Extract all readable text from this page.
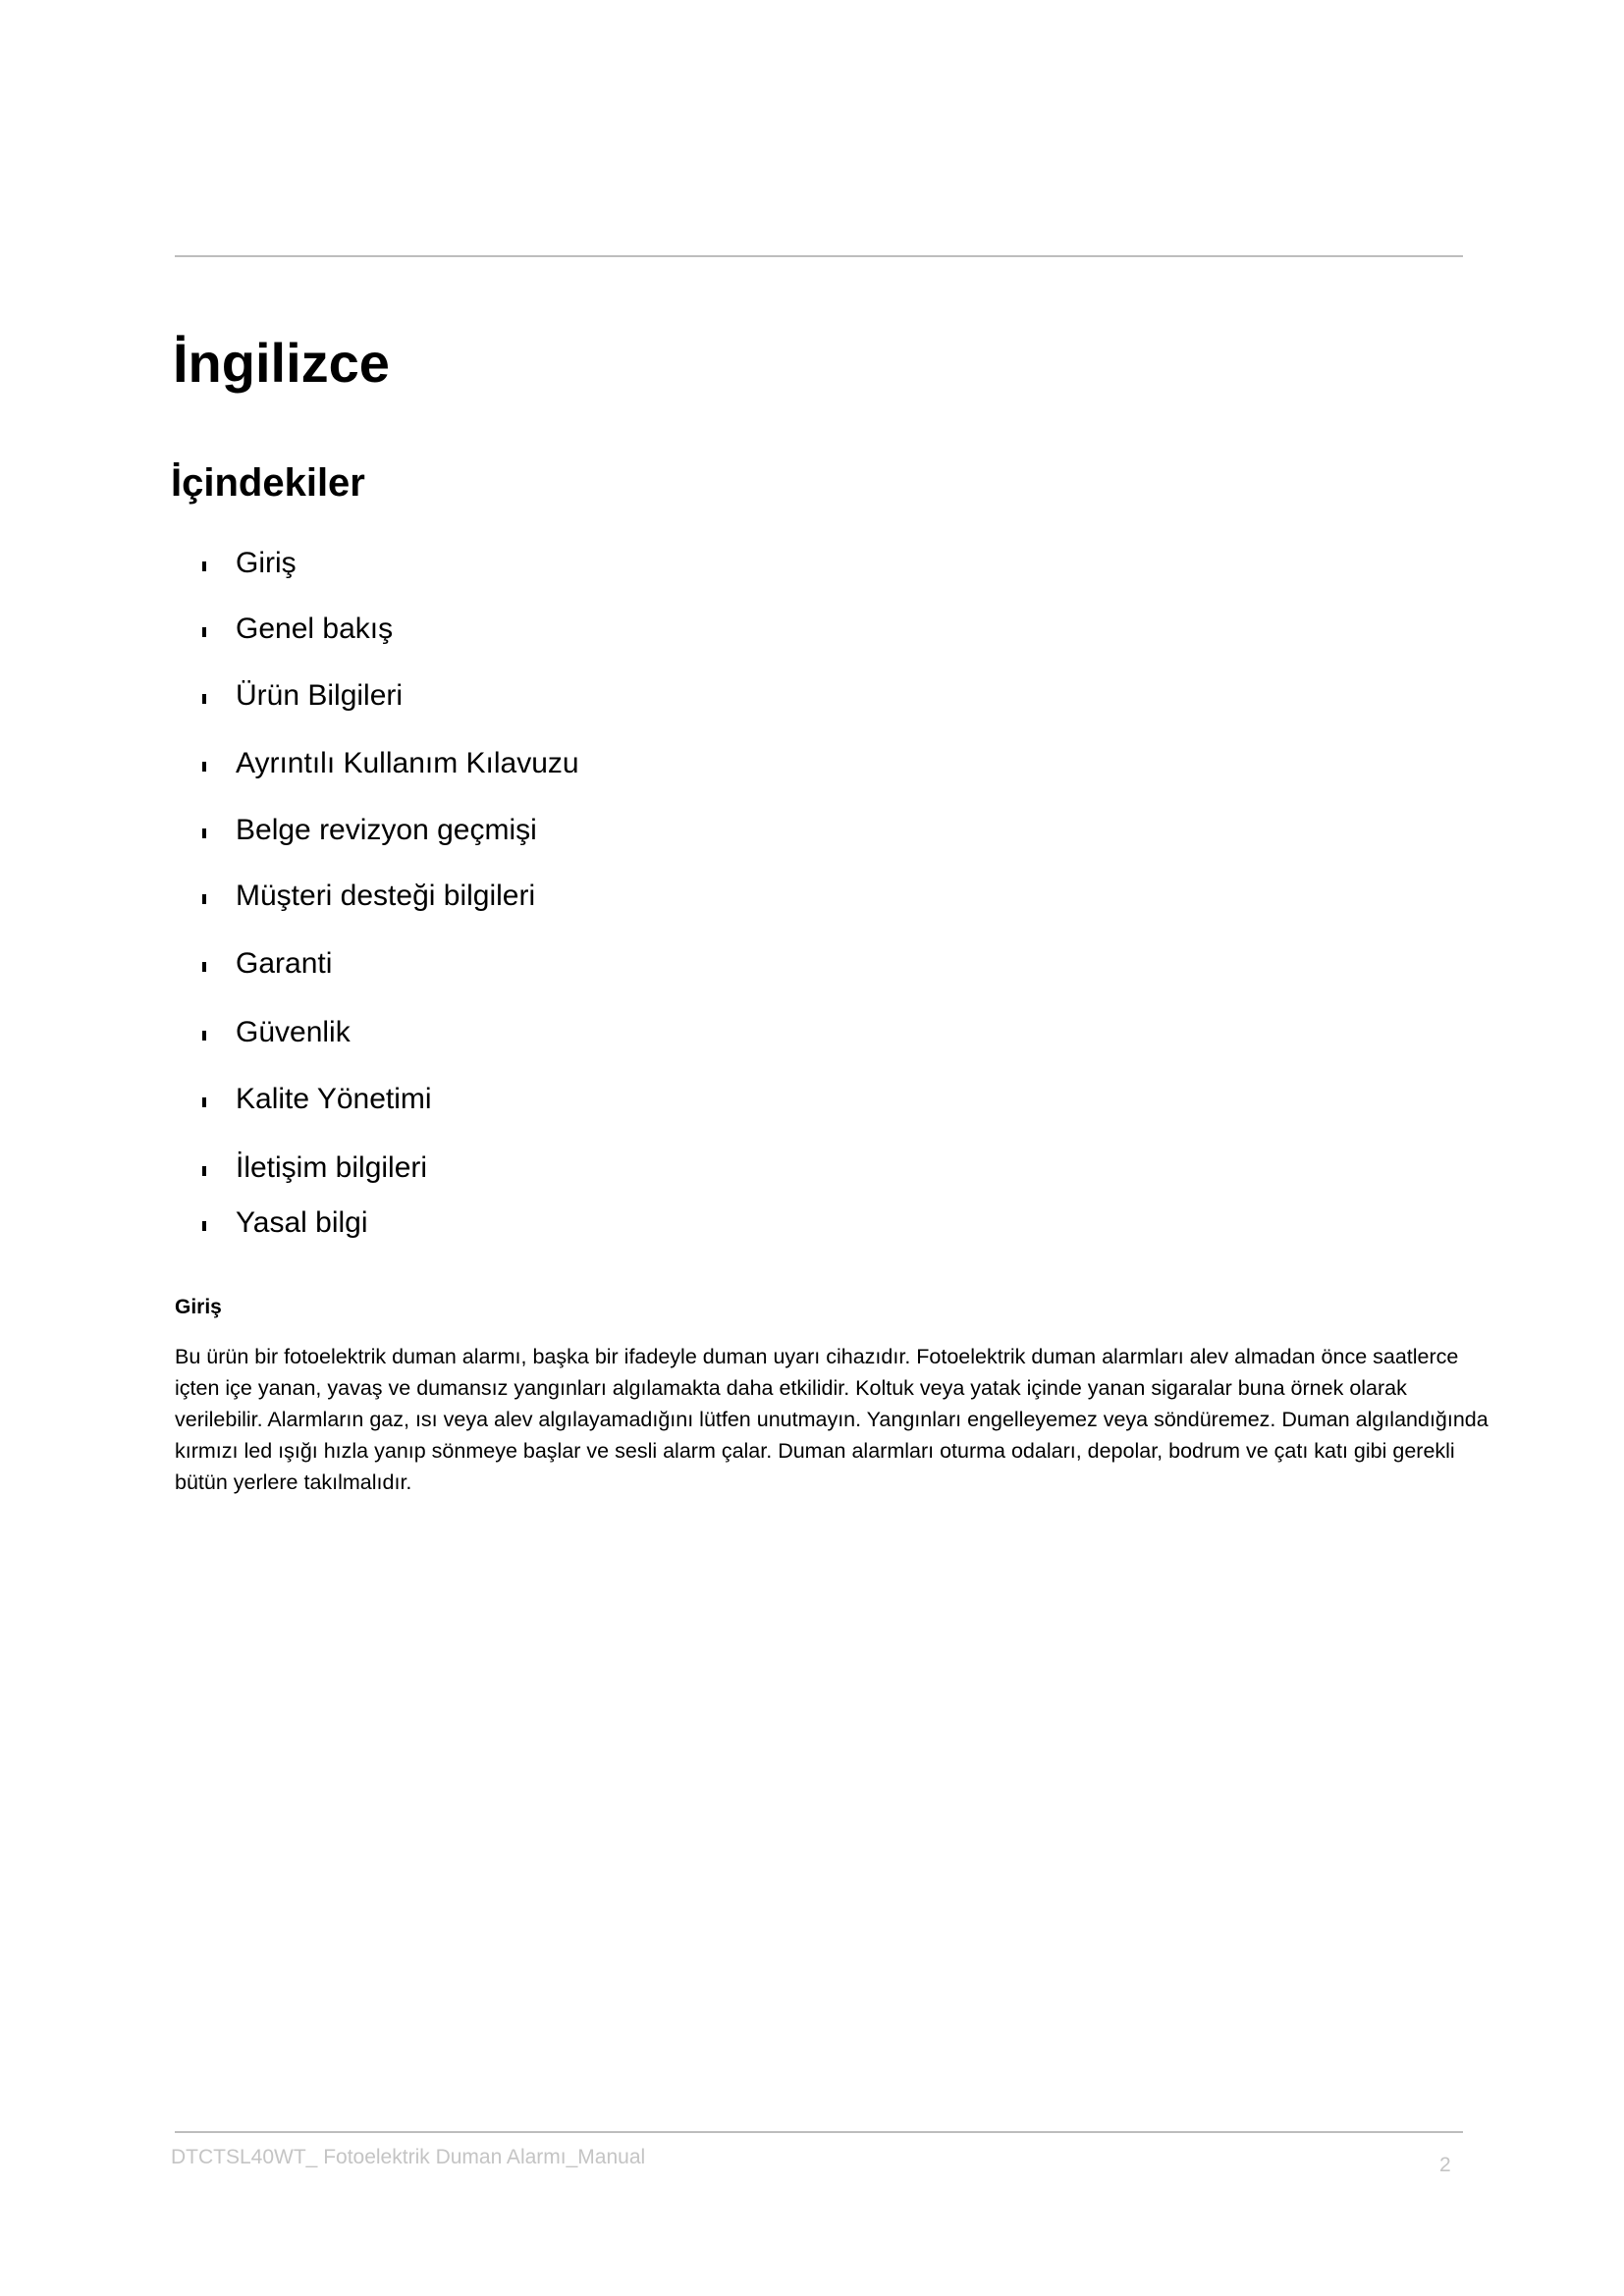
İngilizce
İçindekiler
Giriş
Genel bakış
Ürün Bilgileri
Ayrıntılı Kullanım Kılavuzu
Belge revizyon geçmişi
Müşteri desteği bilgileri
Garanti
Güvenlik
Kalite Yönetimi
İletişim bilgileri
Yasal bilgi
Giriş

Bu ürün bir fotoelektrik duman alarmı, başka bir ifadeyle duman uyarı cihazıdır. Fotoelektrik duman alarmları alev almadan önce saatlerce içten içe yanan, yavaş ve dumansız yangınları algılamakta daha etkilidir. Koltuk veya yatak içinde yanan sigaralar buna örnek olarak verilebilir. Alarmların gaz, ısı veya alev algılayamadığını lütfen unutmayın. Yangınları engelleyemez veya söndüremez. Duman algılandığında kırmızı led ışığı hızla yanıp sönmeye başlar ve sesli alarm çalar. Duman alarmları oturma odaları, depolar, bodrum ve çatı katı gibi gerekli bütün yerlere takılmalıdır.

DTCTSL40WT_ Fotoelektrik Duman Alarmı_Manual	2
